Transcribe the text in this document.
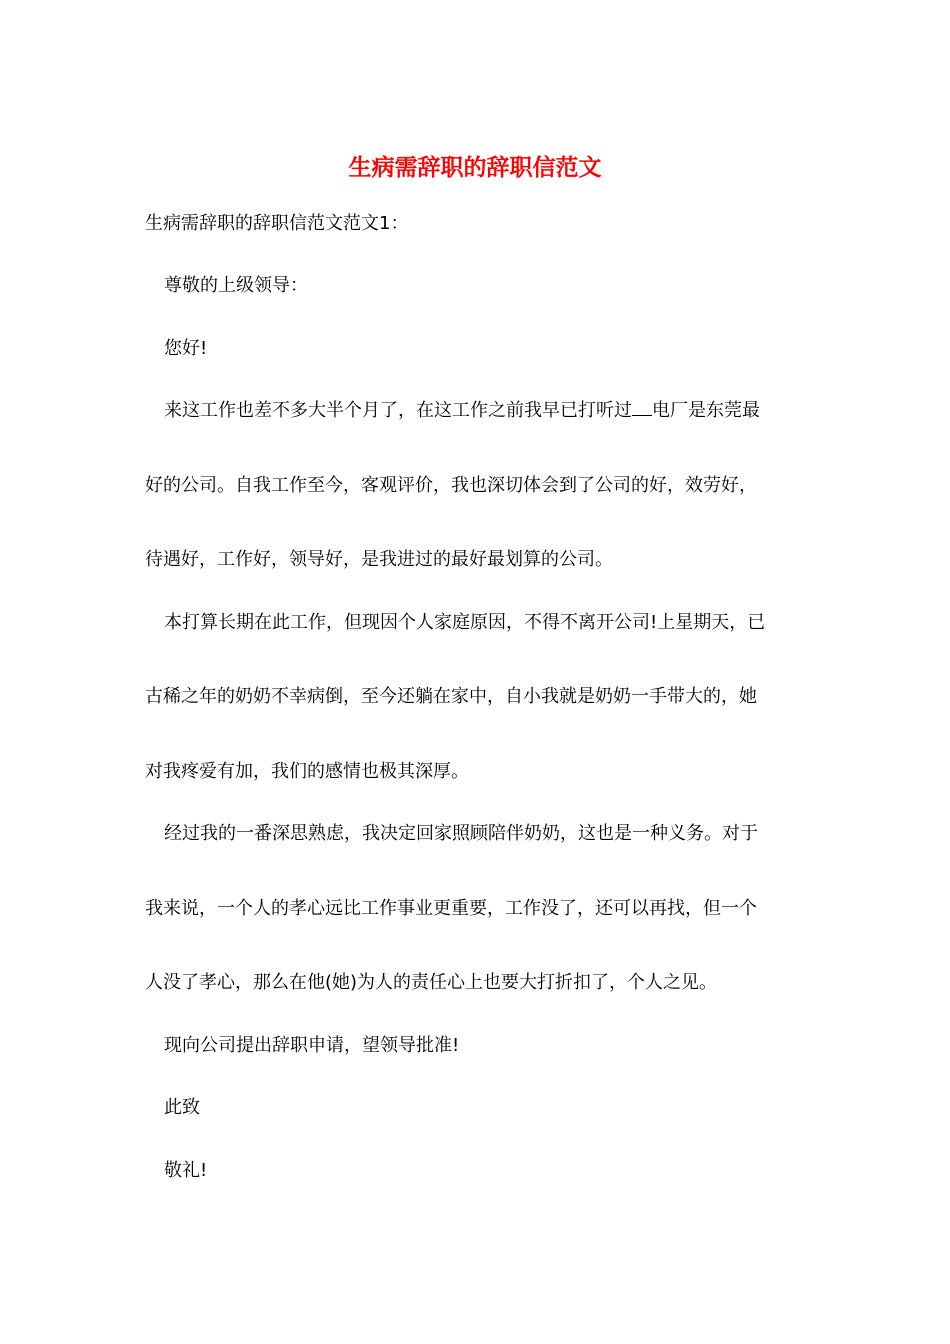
生病需辞职的辞职信范文

生病需辞职的辞职信范文范文1：

尊敬的上级领导：

您好!

来这工作也差不多大半个月了，在这工作之前我早已打听过 电厂是东莞最

好的公司。自我工作至今，客观评价，我也深切体会到了公司的好，效劳好，

待遇好，工作好，领导好，是我进过的最好最划算的公司。

本打算长期在此工作，但现因个人家庭原因，不得不离开公司!上星期天，已

古稀之年的奶奶不幸病倒，至今还躺在家中，自小我就是奶奶一手带大的，她

对我疼爱有加，我们的感情也极其深厚。

经过我的一番深思熟虑，我决定回家照顾陪伴奶奶，这也是一种义务。对于

我来说，一个人的孝心远比工作事业更重要，工作没了，还可以再找，但一个

人没了孝心，那么在他(她)为人的责任心上也要大打折扣了，个人之见。

现向公司提出辞职申请，望领导批准!

此致

敬礼!
